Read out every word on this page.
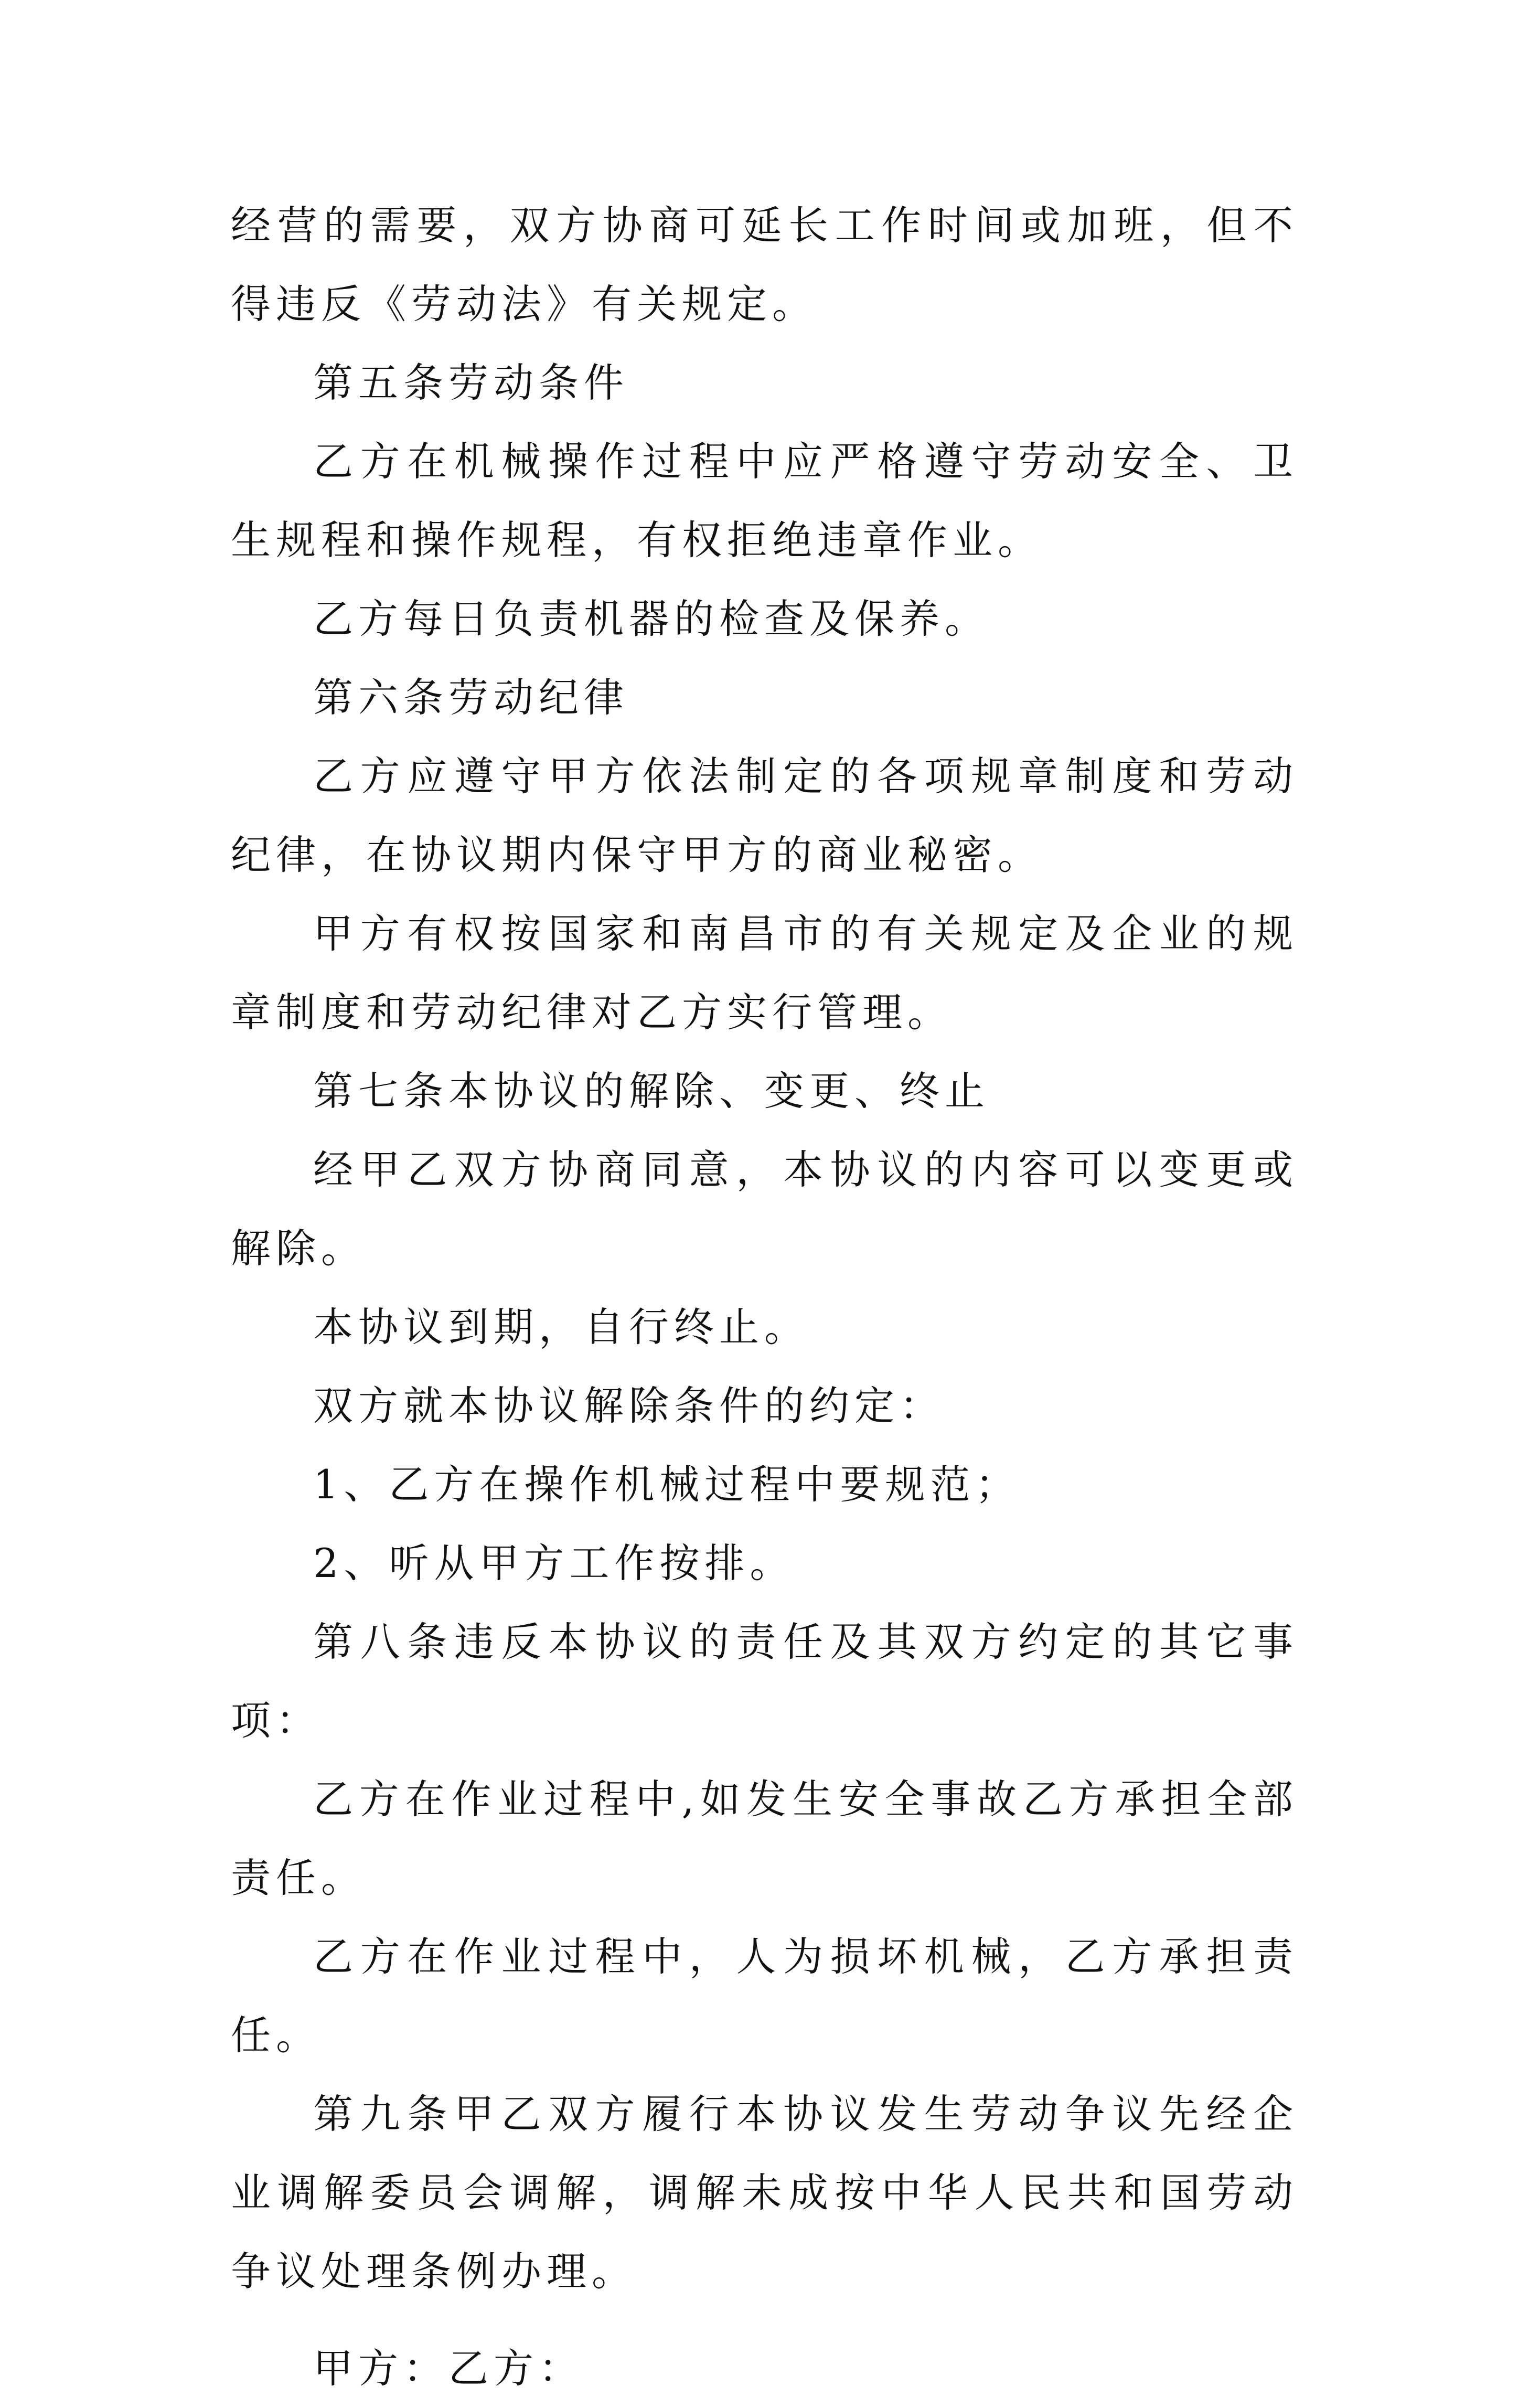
经营的需要，双方协商可延长工作时间或加班，但不得违反《劳动法》有关规定。

第五条劳动条件

乙方在机械操作过程中应严格遵守劳动安全、卫生规程和操作规程，有权拒绝违章作业。

乙方每日负责机器的检查及保养。

第六条劳动纪律

乙方应遵守甲方依法制定的各项规章制度和劳动纪律，在协议期内保守甲方的商业秘密。

甲方有权按国家和南昌市的有关规定及企业的规章制度和劳动纪律对乙方实行管理。

第七条本协议的解除、变更、终止

经甲乙双方协商同意，本协议的内容可以变更或解除。

本协议到期，自行终止。

双方就本协议解除条件的约定：

1、乙方在操作机械过程中要规范；

2、听从甲方工作按排。

第八条违反本协议的责任及其双方约定的其它事项：

乙方在作业过程中,如发生安全事故乙方承担全部责任。

乙方在作业过程中，人为损坏机械，乙方承担责任。

第九条甲乙双方履行本协议发生劳动争议先经企业调解委员会调解，调解未成按中华人民共和国劳动争议处理条例办理。

甲方：乙方：
